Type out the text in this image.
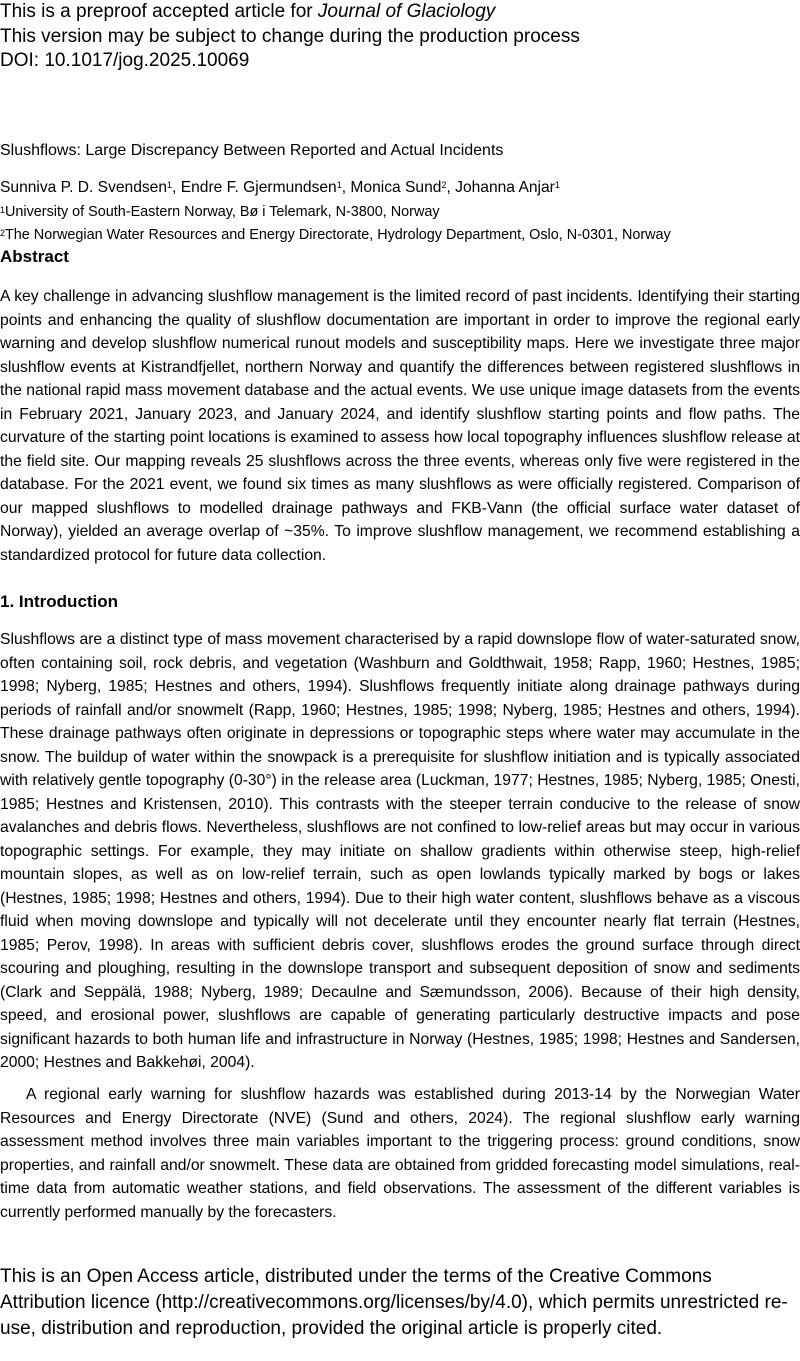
This is a preproof accepted article for Journal of Glaciology
This version may be subject to change during the production process
DOI: 10.1017/jog.2025.10069
Slushflows: Large Discrepancy Between Reported and Actual Incidents
Sunniva P. D. Svendsen$^1$, Endre F. Gjermundsen$^1$, Monica Sund$^2$, Johanna Anjar$^1$
$^1$University of South-Eastern Norway, Bø i Telemark, N-3800, Norway
$^2$The Norwegian Water Resources and Energy Directorate, Hydrology Department, Oslo, N-0301, Norway
Abstract

A key challenge in advancing slushflow management is the limited record of past incidents. Identifying their starting points and enhancing the quality of slushflow documentation are important in order to improve the regional early warning and develop slushflow numerical runout models and susceptibility maps. Here we investigate three major slushflow events at Kistrandfjellet, northern Norway and quantify the differences between registered slushflows in the national rapid mass movement database and the actual events. We use unique image datasets from the events in February 2021, January 2023, and January 2024, and identify slushflow starting points and flow paths. The curvature of the starting point locations is examined to assess how local topography influences slushflow release at the field site. Our mapping reveals 25 slushflows across the three events, whereas only five were registered in the database. For the 2021 event, we found six times as many slushflows as were officially registered. Comparison of our mapped slushflows to modelled drainage pathways and FKB-Vann (the official surface water dataset of Norway), yielded an average overlap of ~35%. To improve slushflow management, we recommend establishing a standardized protocol for future data collection.

1. Introduction

Slushflows are a distinct type of mass movement characterised by a rapid downslope flow of water-saturated snow, often containing soil, rock debris, and vegetation (Washburn and Goldthwait, 1958; Rapp, 1960; Hestnes, 1985; 1998; Nyberg, 1985; Hestnes and others, 1994). Slushflows frequently initiate along drainage pathways during periods of rainfall and/or snowmelt (Rapp, 1960; Hestnes, 1985; 1998; Nyberg, 1985; Hestnes and others, 1994). These drainage pathways often originate in depressions or topographic steps where water may accumulate in the snow. The buildup of water within the snowpack is a prerequisite for slushflow initiation and is typically associated with relatively gentle topography (0-30°) in the release area (Luckman, 1977; Hestnes, 1985; Nyberg, 1985; Onesti, 1985; Hestnes and Kristensen, 2010). This contrasts with the steeper terrain conducive to the release of snow avalanches and debris flows. Nevertheless, slushflows are not confined to low-relief areas but may occur in various topographic settings. For example, they may initiate on shallow gradients within otherwise steep, high-relief mountain slopes, as well as on low-relief terrain, such as open lowlands typically marked by bogs or lakes (Hestnes, 1985; 1998; Hestnes and others, 1994). Due to their high water content, slushflows behave as a viscous fluid when moving downslope and typically will not decelerate until they encounter nearly flat terrain (Hestnes, 1985; Perov, 1998). In areas with sufficient debris cover, slushflows erodes the ground surface through direct scouring and ploughing, resulting in the downslope transport and subsequent deposition of snow and sediments (Clark and Seppälä, 1988; Nyberg, 1989; Decaulne and Sæmundsson, 2006). Because of their high density, speed, and erosional power, slushflows are capable of generating particularly destructive impacts and pose significant hazards to both human life and infrastructure in Norway (Hestnes, 1985; 1998; Hestnes and Sandersen, 2000; Hestnes and Bakkehøi, 2004).

A regional early warning for slushflow hazards was established during 2013-14 by the Norwegian Water Resources and Energy Directorate (NVE) (Sund and others, 2024). The regional slushflow early warning assessment method involves three main variables important to the triggering process: ground conditions, snow properties, and rainfall and/or snowmelt. These data are obtained from gridded forecasting model simulations, real-time data from automatic weather stations, and field observations. The assessment of the different variables is currently performed manually by the forecasters.

This is an Open Access article, distributed under the terms of the Creative Commons Attribution licence (http://creativecommons.org/licenses/by/4.0), which permits unrestricted re- use, distribution and reproduction, provided the original article is properly cited.
